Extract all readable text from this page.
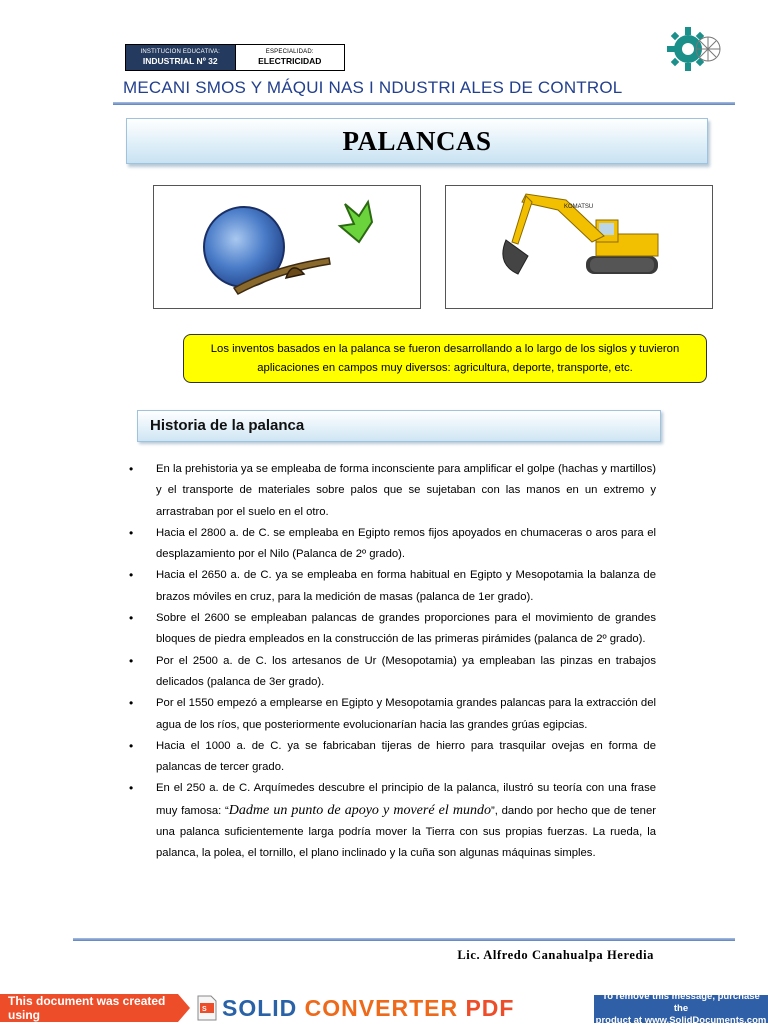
INSTITUCION EDUCATIVA:
INDUSTRIAL Nº 32
ESPECIALIDAD:
ELECTRICIDAD
MECANI SMOS Y MÁQUI NAS I NDUSTRI ALES DE CONTROL
PALANCAS
KOMATSU
Los inventos basados en la palanca se fueron desarrollando a lo largo de los siglos y tuvieron aplicaciones en campos muy diversos: agricultura, deporte, transporte, etc.
Historia de la palanca
• En la prehistoria ya se empleaba de forma inconsciente para amplificar el golpe (hachas y martillos) y el transporte de materiales sobre palos que se sujetaban con las manos en un extremo y arrastraban por el suelo en el otro.
• Hacia el 2800 a. de C. se empleaba en Egipto remos fijos apoyados en chumaceras o aros para el desplazamiento por el Nilo (Palanca de 2º grado).
• Hacia el 2650 a. de C. ya se empleaba en forma habitual en Egipto y Mesopotamia la balanza de brazos móviles en cruz, para la medición de masas (palanca de 1er grado).
• Sobre el 2600 se empleaban palancas de grandes proporciones para el movimiento de grandes bloques de piedra empleados en la construcción de las primeras pirámides (palanca de 2º grado).
• Por el 2500 a. de C. los artesanos de Ur (Mesopotamia) ya empleaban las pinzas en trabajos delicados (palanca de 3er grado).
• Por el 1550 empezó a emplearse en Egipto y Mesopotamia grandes palancas para la extracción del agua de los ríos, que posteriormente evolucionarían hacia las grandes grúas egipcias.
• Hacia el 1000 a. de C. ya se fabricaban tijeras de hierro para trasquilar ovejas en forma de palancas de tercer grado.
• En el 250 a. de C. Arquímedes descubre el principio de la palanca, ilustró su teoría con una frase muy famosa: “Dadme un punto de apoyo y moveré el mundo”, dando por hecho que de tener una palanca suficientemente larga podría mover la Tierra con sus propias fuerzas. La rueda, la palanca, la polea, el tornillo, el plano inclinado y la cuña son algunas máquinas simples.
Lic. Alfredo Canahualpa Heredia
This document was created using	S SOLID CONVERTER PDF	To remove this message, purchase the
product at www.SolidDocuments.com
